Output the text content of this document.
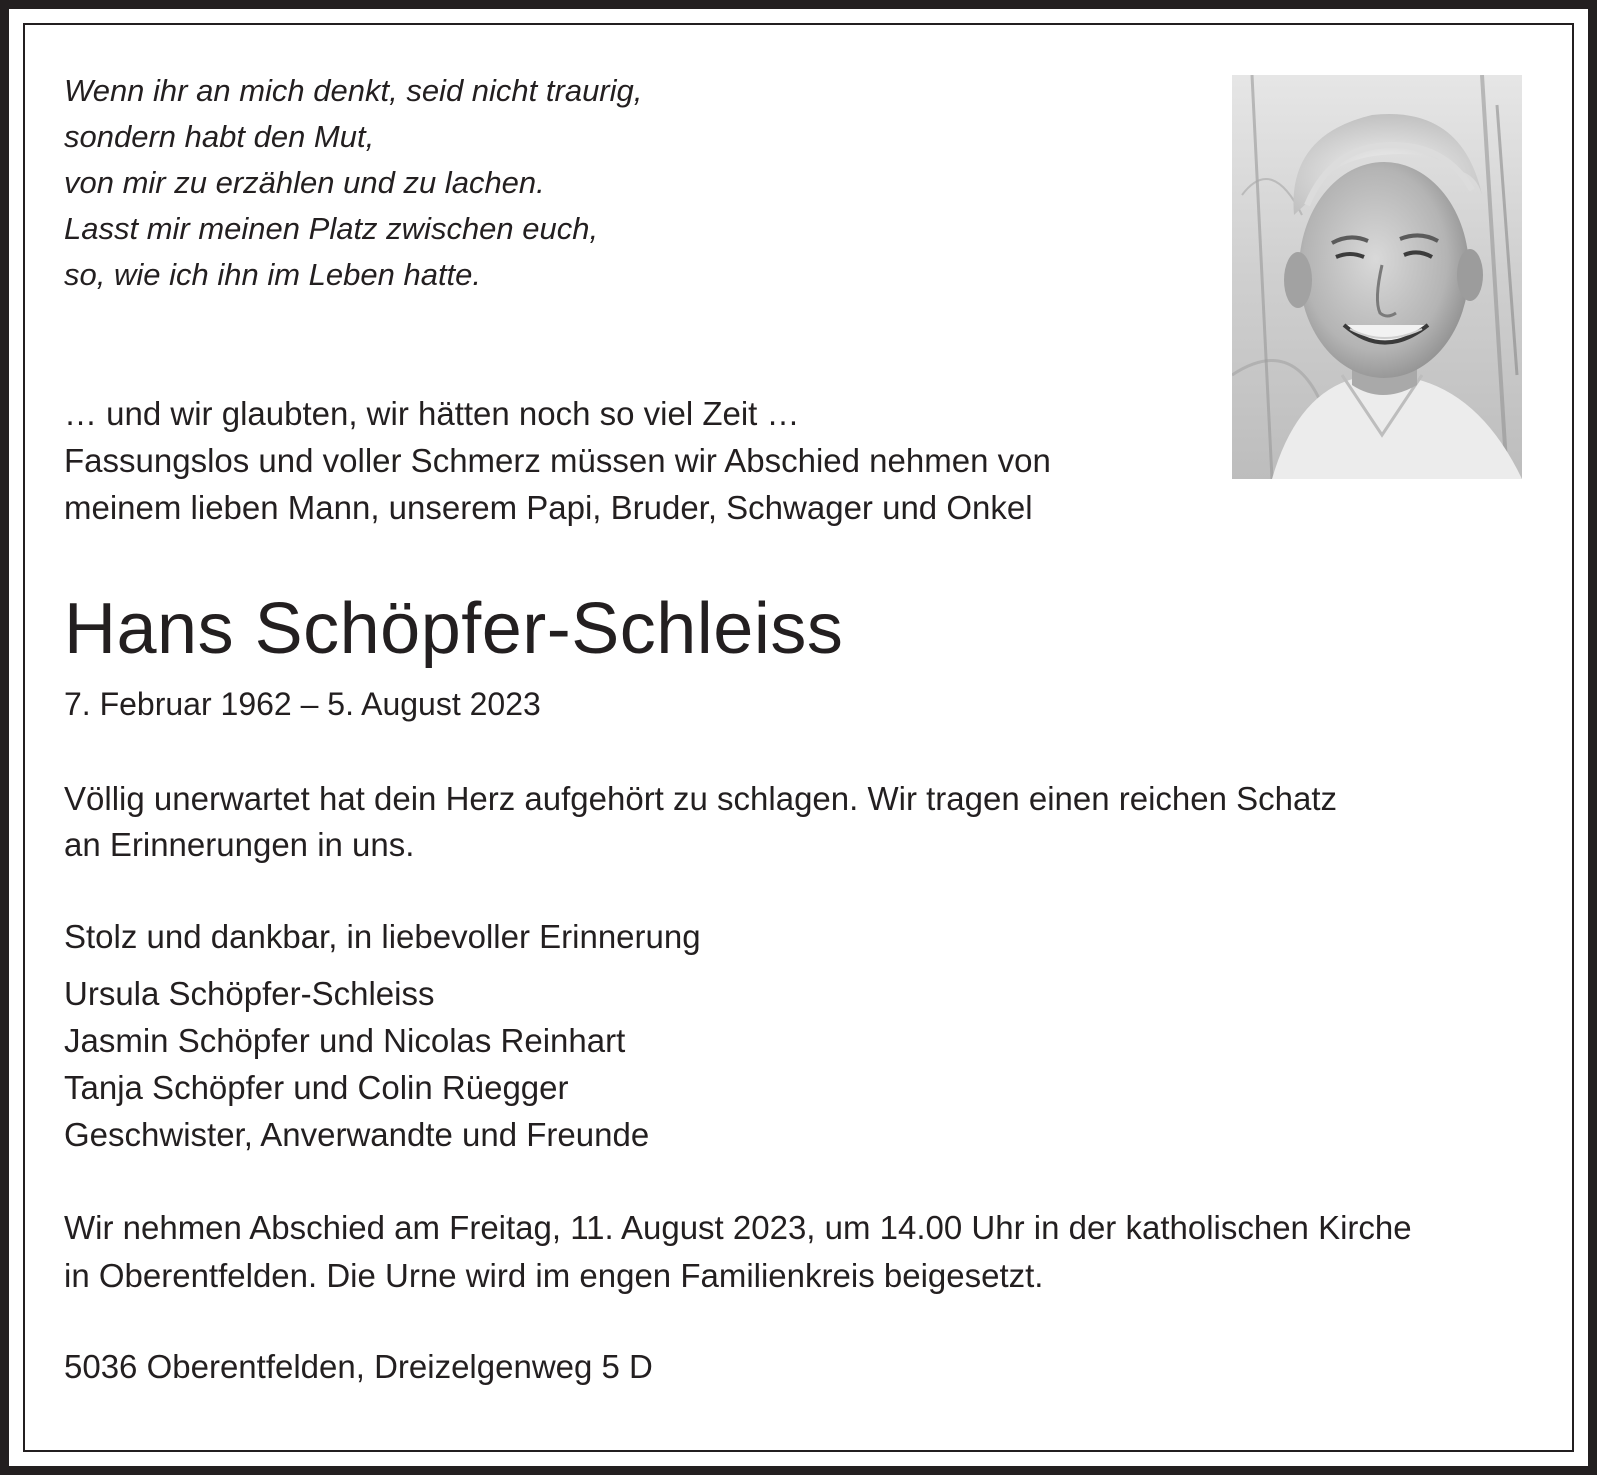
Wenn ihr an mich denkt, seid nicht traurig,
sondern habt den Mut,
von mir zu erzählen und zu lachen.
Lasst mir meinen Platz zwischen euch,
so, wie ich ihn im Leben hatte.
… und wir glaubten, wir hätten noch so viel Zeit …
Fassungslos und voller Schmerz müssen wir Abschied nehmen von
meinem lieben Mann, unserem Papi, Bruder, Schwager und Onkel
Hans Schöpfer-Schleiss
7. Februar 1962 – 5. August 2023
Völlig unerwartet hat dein Herz aufgehört zu schlagen. Wir tragen einen reichen Schatz
an Erinnerungen in uns.
Stolz und dankbar, in liebevoller Erinnerung
Ursula Schöpfer-Schleiss
Jasmin Schöpfer und Nicolas Reinhart
Tanja Schöpfer und Colin Rüegger
Geschwister, Anverwandte und Freunde
Wir nehmen Abschied am Freitag, 11. August 2023, um 14.00 Uhr in der katholischen Kirche
in Oberentfelden. Die Urne wird im engen Familienkreis beigesetzt.
5036 Oberentfelden, Dreizelgenweg 5 D
